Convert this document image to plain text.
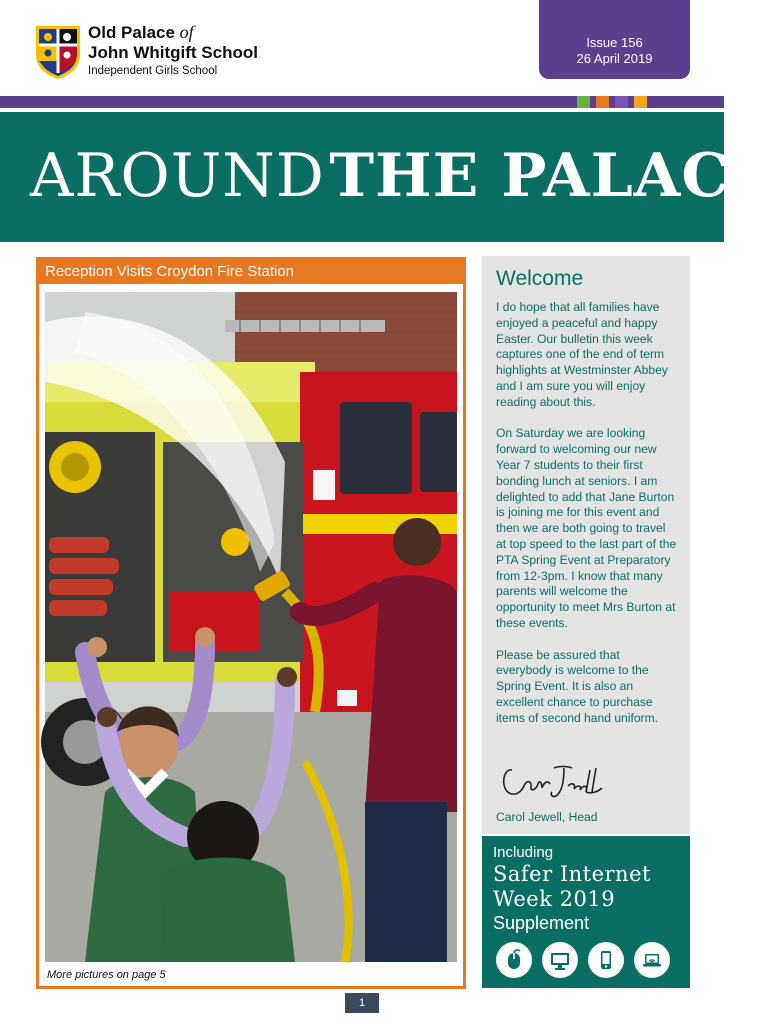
Old Palace of
John Whitgift School
Independent Girls School
Issue 156
26 April 2019
AROUND THE PALACE
Reception Visits Croydon Fire Station
More pictures on page 5
Welcome

I do hope that all families have enjoyed a peaceful and happy Easter. Our bulletin this week captures one of the end of term highlights at Westminster Abbey and I am sure you will enjoy reading about this.

On Saturday we are looking forward to welcoming our new Year 7 students to their first bonding lunch at seniors. I am delighted to add that Jane Burton is joining me for this event and then we are both going to travel at top speed to the last part of the PTA Spring Event at Preparatory from 12-3pm. I know that many parents will welcome the opportunity to meet Mrs Burton at these events.

Please be assured that everybody is welcome to the Spring Event. It is also an excellent chance to purchase items of second hand uniform.

Carol Jewell, Head
Including
Safer Internet
Week 2019
Supplement
1
